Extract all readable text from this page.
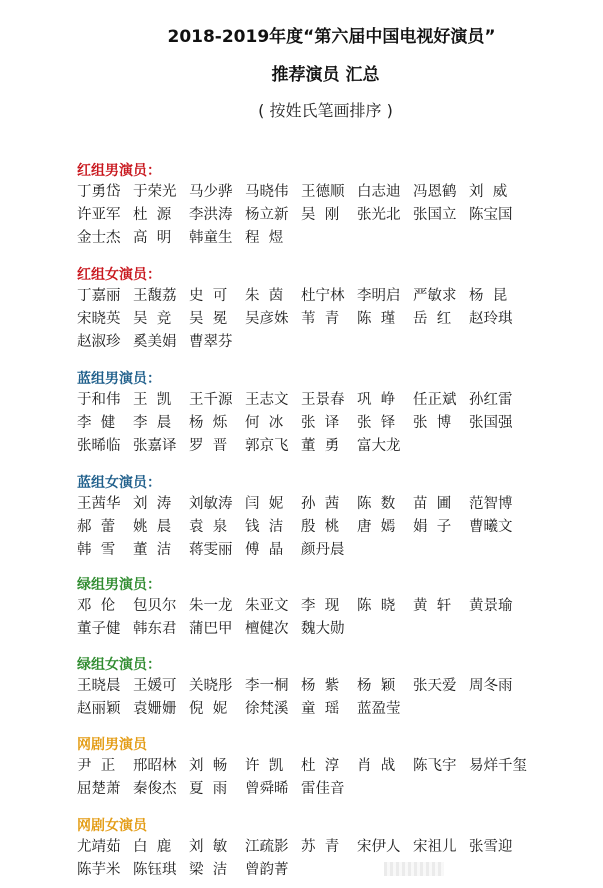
2018-2019年度“第六届中国电视好演员”
推荐演员 汇总
( 按姓氏笔画排序 )
红组男演员：
丁勇岱 于荣光 马少骅 马晓伟 王德顺 白志迪 冯恩鹤 刘  威
许亚军 杜  源	李洪涛 杨立新 吴  刚	张光北 张国立 陈宝国
金士杰 高  明	韩童生 程  煜
红组女演员：
丁嘉丽 王馥荔 史  可	朱  茵	杜宁林 李明启 严敏求 杨  昆
宋晓英 吴  竞	吴  冕	吴彦姝 苇  青	陈  瑾	岳  红	赵玲琪
赵淑珍 奚美娟 曹翠芬
蓝组男演员：
于和伟 王  凯	王千源 王志文 王景春 巩  峥	任正斌 孙红雷
李  健	李  晨	杨  烁	何  冰	张  译	张  铎	张  博	张国强
张晞临 张嘉译 罗  晋	郭京飞 董  勇	富大龙
蓝组女演员：
王茜华 刘  涛	刘敏涛 闫  妮	孙  茜	陈  数	苗  圃	范智博
郝  蕾	姚  晨	袁  泉	钱  洁	殷  桃	唐  嫣	娟  子	曹曦文
韩  雪	董  洁	蒋雯丽 傅  晶	颜丹晨
绿组男演员：
邓  伦	包贝尔 朱一龙 朱亚文 李  现	陈  晓	黄  轩	黄景瑜
董子健 韩东君 蒲巴甲 檀健次 魏大勋
绿组女演员：
王晓晨 王媛可 关晓彤 李一桐 杨  紫	杨  颖	张天爱 周冬雨
赵丽颖 袁姗姗 倪  妮	徐梵溪 童  瑶	蓝盈莹
网剧男演员
尹  正	邢昭林 刘  畅	许  凯	杜  淳	肖  战	陈飞宇 易烊千玺
屈楚萧 秦俊杰 夏  雨	曾舜晞 雷佳音
网剧女演员
尤靖茹 白  鹿	刘  敏	江疏影 苏  青	宋伊人 宋祖儿 张雪迎
陈芋米 陈钰琪 梁  洁	曾韵菁
